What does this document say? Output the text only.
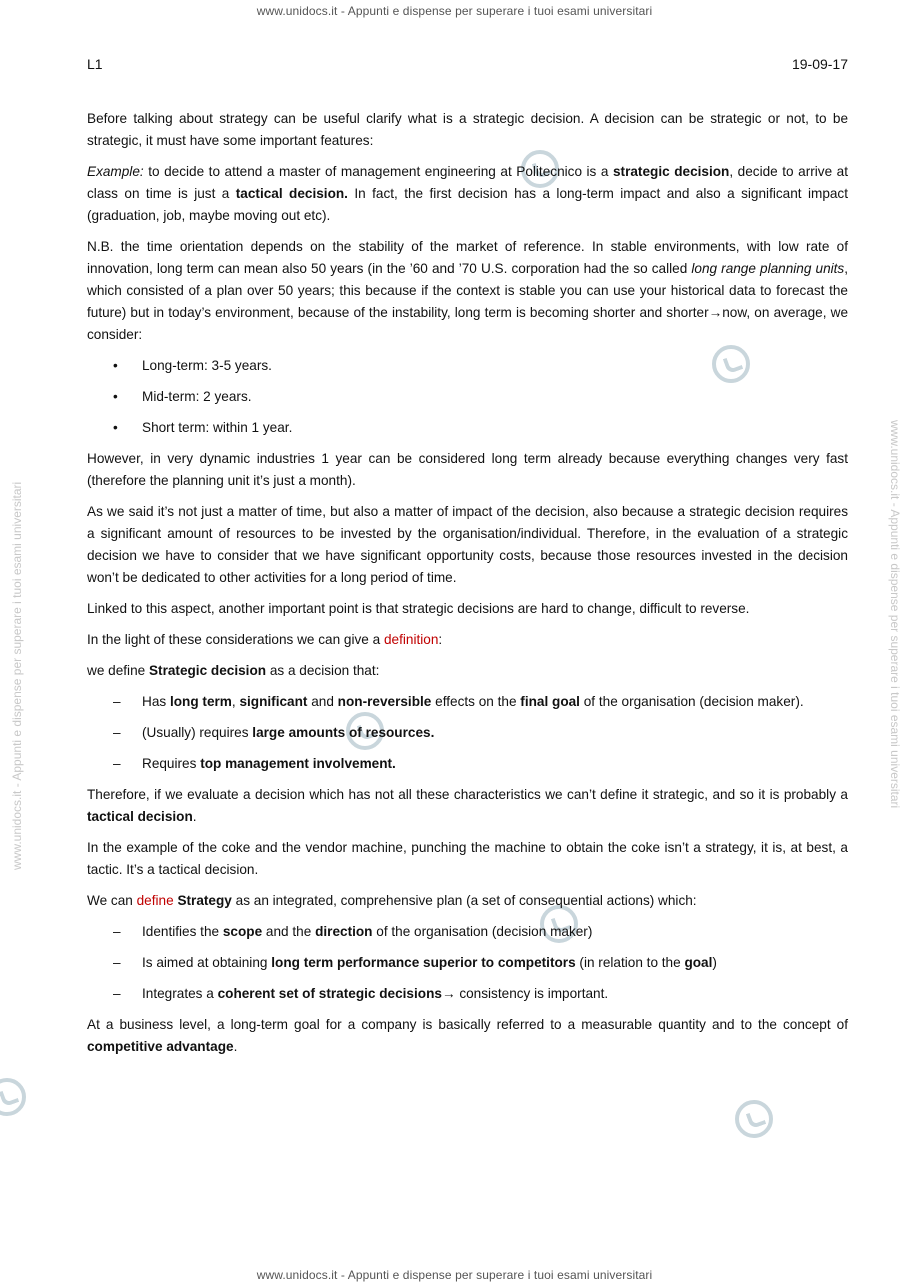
www.unidocs.it - Appunti e dispense per superare i tuoi esami universitari
www.unidocs.it - Appunti e dispense per superare i tuoi esami universitari
www.unidocs.it - Appunti e dispense per superare i tuoi esami universitari	www.unidocs.it - Appunti e dispense per superare i tuoi esami universitari
L1	19-09-17

Before talking about strategy can be useful clarify what is a strategic decision. A decision can be strategic or not, to be strategic, it must have some important features:

Example: to decide to attend a master of management engineering at Politecnico is a strategic decision, decide to arrive at class on time is just a tactical decision. In fact, the first decision has a long-term impact and also a significant impact (graduation, job, maybe moving out etc).

N.B. the time orientation depends on the stability of the market of reference. In stable environments, with low rate of innovation, long term can mean also 50 years (in the ’60 and ’70 U.S. corporation had the so called long range planning units, which consisted of a plan over 50 years; this because if the context is stable you can use your historical data to forecast the future) but in today’s environment, because of the instability, long term is becoming shorter and shorter→now, on average, we consider:

• Long-term: 3-5 years.
• Mid-term: 2 years.
• Short term: within 1 year.

However, in very dynamic industries 1 year can be considered long term already because everything changes very fast (therefore the planning unit it’s just a month).

As we said it’s not just a matter of time, but also a matter of impact of the decision, also because a strategic decision requires a significant amount of resources to be invested by the organisation/individual. Therefore, in the evaluation of a strategic decision we have to consider that we have significant opportunity costs, because those resources invested in the decision won’t be dedicated to other activities for a long period of time.

Linked to this aspect, another important point is that strategic decisions are hard to change, difficult to reverse.

In the light of these considerations we can give a definition:

we define Strategic decision as a decision that:

– Has long term, significant and non-reversible effects on the final goal of the organisation (decision maker).
– (Usually) requires large amounts of resources.
– Requires top management involvement.

Therefore, if we evaluate a decision which has not all these characteristics we can’t define it strategic, and so it is probably a tactical decision.

In the example of the coke and the vendor machine, punching the machine to obtain the coke isn’t a strategy, it is, at best, a tactic. It’s a tactical decision.

We can define Strategy as an integrated, comprehensive plan (a set of consequential actions) which:

– Identifies the scope and the direction of the organisation (decision maker)
– Is aimed at obtaining long term performance superior to competitors (in relation to the goal)
– Integrates a coherent set of strategic decisions→ consistency is important.

At a business level, a long-term goal for a company is basically referred to a measurable quantity and to the concept of competitive advantage.
